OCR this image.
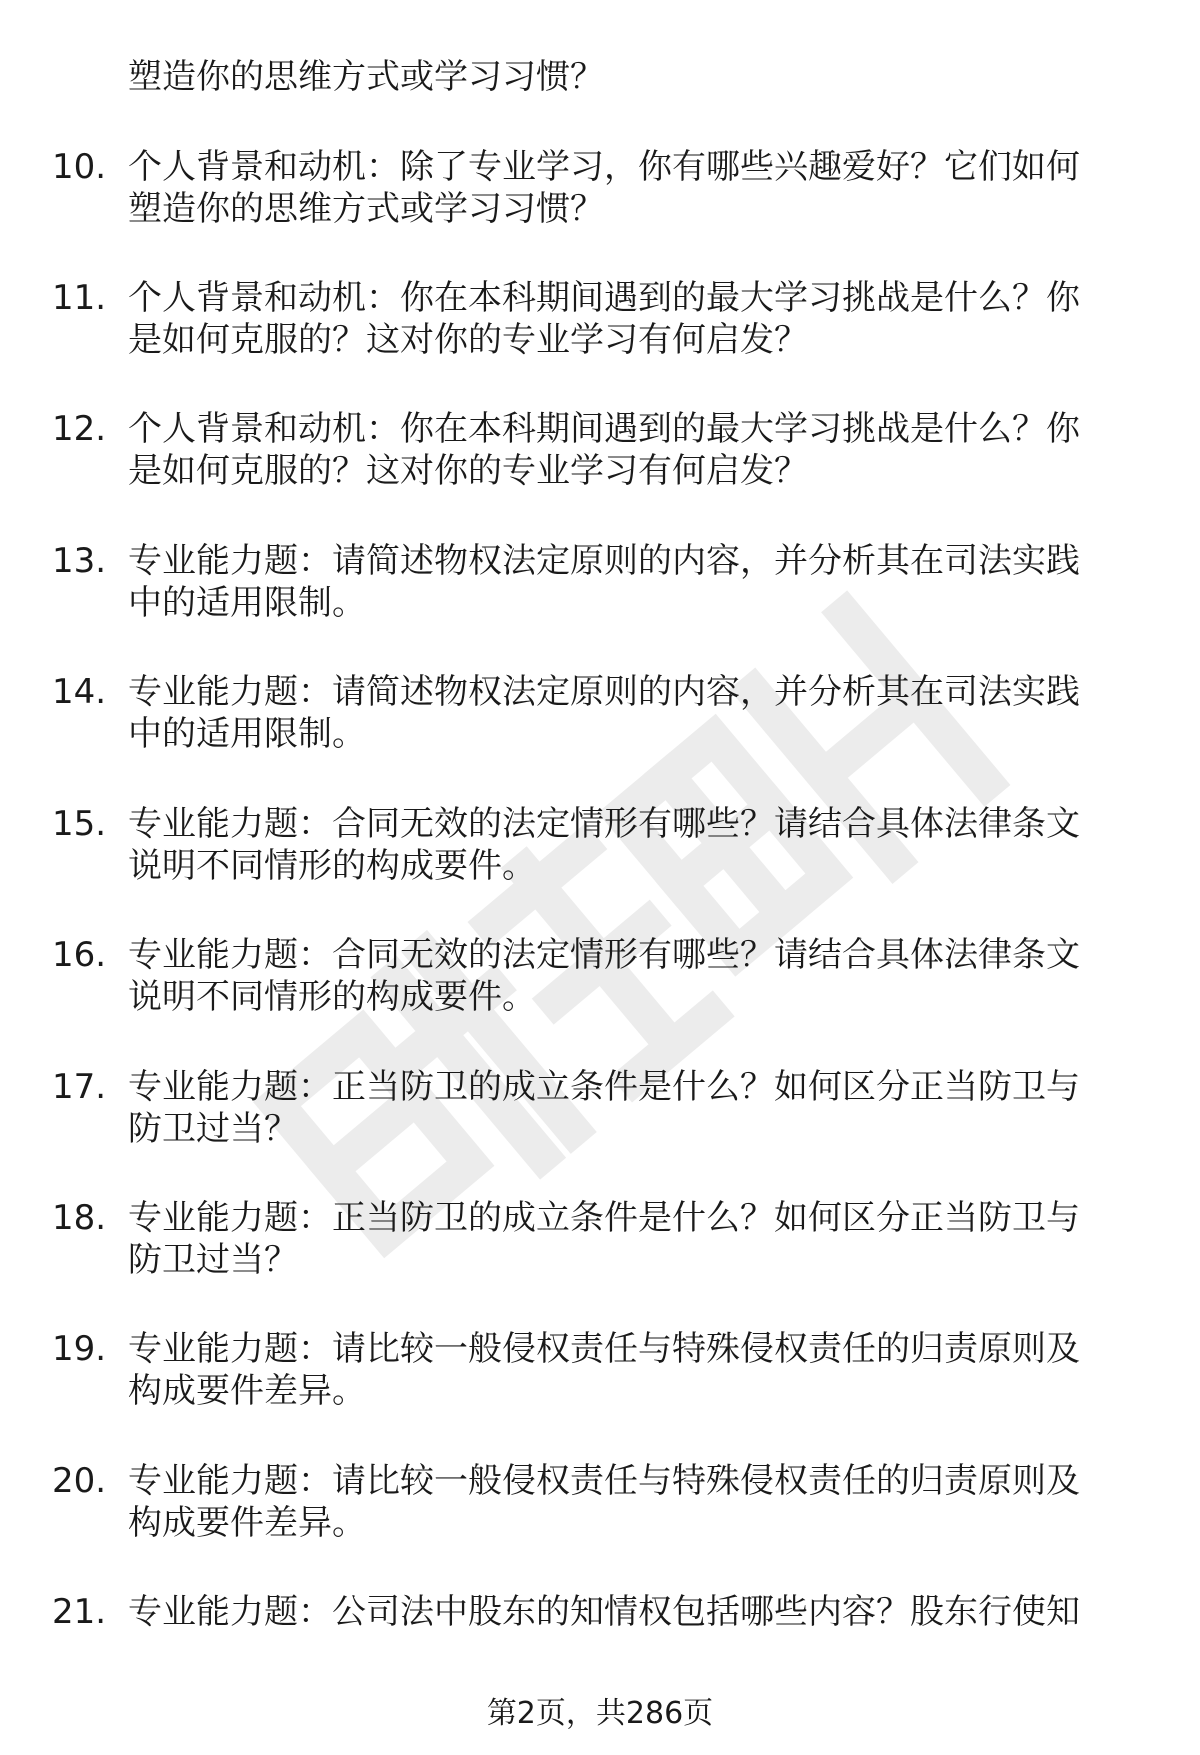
塑造你的思维方式或学习习惯？
10. 个人背景和动机：除了专业学习，你有哪些兴趣爱好？它们如何
塑造你的思维方式或学习习惯？
11. 个人背景和动机：你在本科期间遇到的最大学习挑战是什么？你
是如何克服的？这对你的专业学习有何启发？
12. 个人背景和动机：你在本科期间遇到的最大学习挑战是什么？你
是如何克服的？这对你的专业学习有何启发？
13. 专业能力题：请简述物权法定原则的内容，并分析其在司法实践
中的适用限制。
14. 专业能力题：请简述物权法定原则的内容，并分析其在司法实践
中的适用限制。
15. 专业能力题：合同无效的法定情形有哪些？请结合具体法律条文
说明不同情形的构成要件。
16. 专业能力题：合同无效的法定情形有哪些？请结合具体法律条文
说明不同情形的构成要件。
17. 专业能力题：正当防卫的成立条件是什么？如何区分正当防卫与
防卫过当？
18. 专业能力题：正当防卫的成立条件是什么？如何区分正当防卫与
防卫过当？
19. 专业能力题：请比较一般侵权责任与特殊侵权责任的归责原则及
构成要件差异。
20. 专业能力题：请比较一般侵权责任与特殊侵权责任的归责原则及
构成要件差异。
21. 专业能力题：公司法中股东的知情权包括哪些内容？股东行使知
第2页，共286页
